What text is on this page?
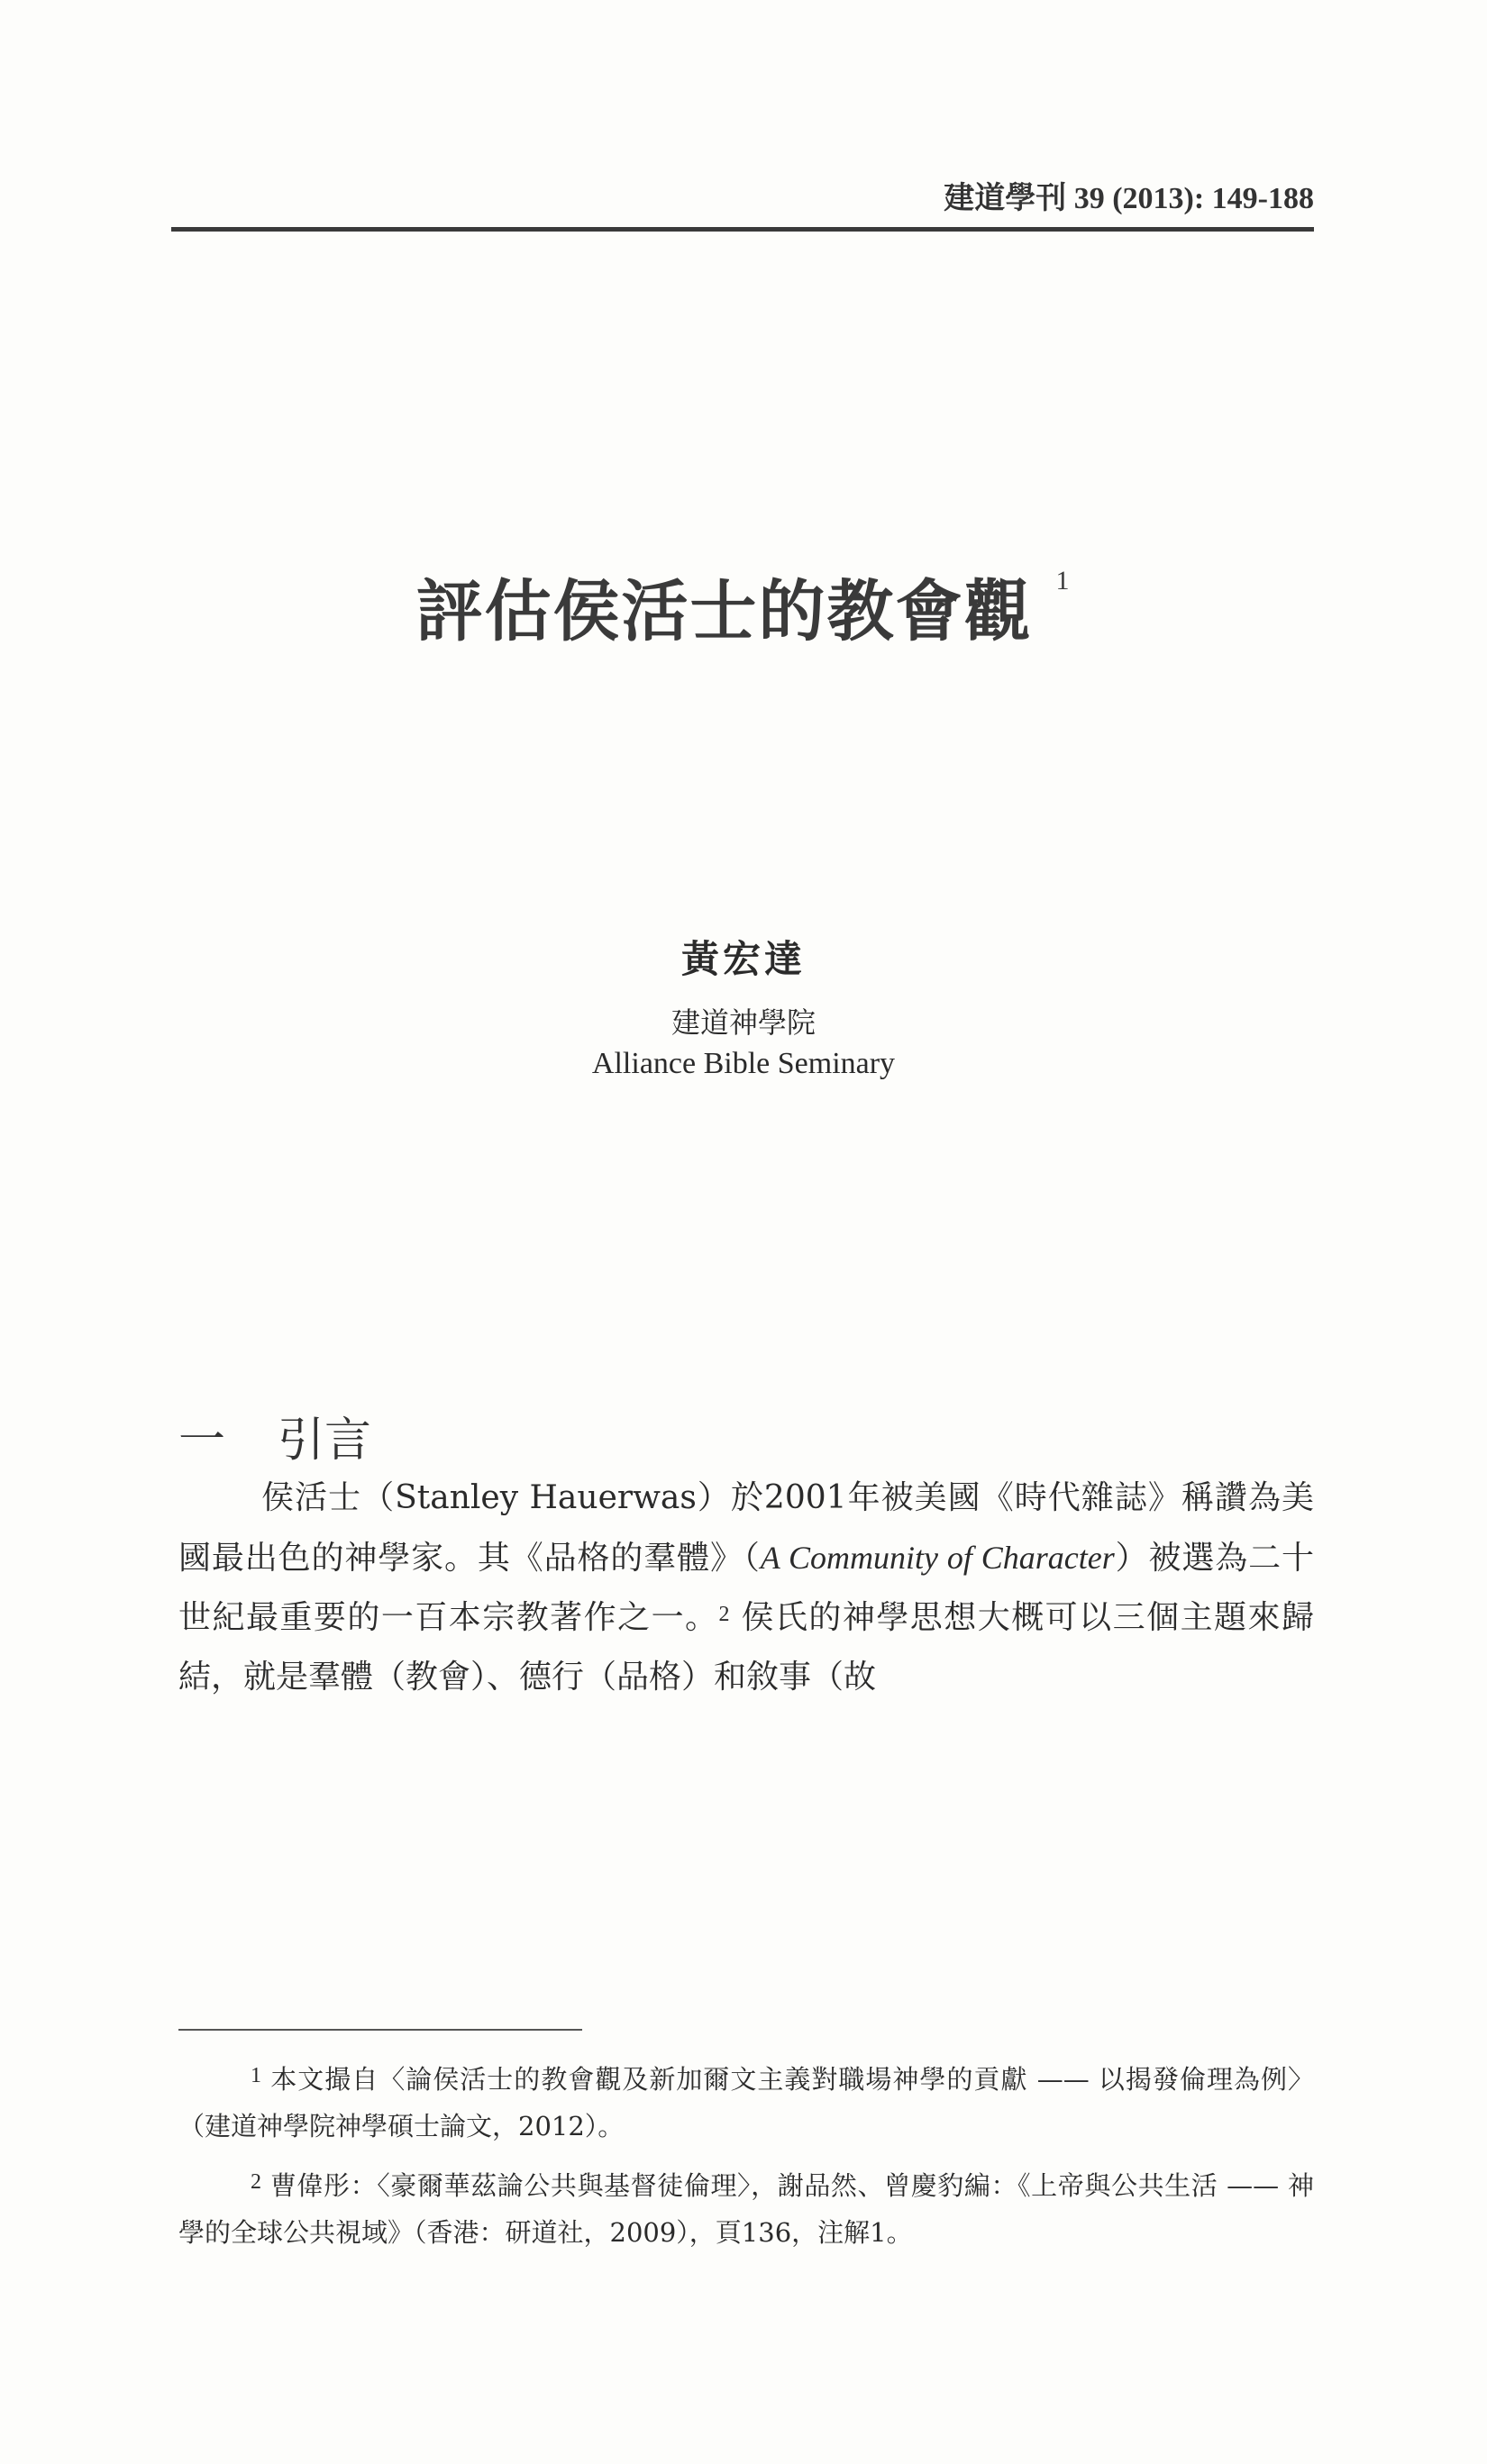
建道學刊 39 (2013): 149-188
評估侯活士的教會觀 $^1$
黃宏達
建道神學院
Alliance Bible Seminary
一 引言

侯活士（Stanley Hauerwas）於2001年被美國《時代雜誌》稱讚為美國最出色的神學家。其《品格的羣體》（A Community of Character）被選為二十世紀最重要的一百本宗教著作之一。$^2$ 侯氏的神學思想大概可以三個主題來歸結，就是羣體（教會）、德行（品格）和敘事（故

$^1$ 本文撮自〈論侯活士的教會觀及新加爾文主義對職場神學的貢獻 —— 以揭發倫理為例〉（建道神學院神學碩士論文，2012）。

$^2$ 曹偉彤：〈豪爾華茲論公共與基督徒倫理〉，謝品然、曾慶豹編：《上帝與公共生活 —— 神學的全球公共視域》（香港：研道社，2009），頁136，注解1。
